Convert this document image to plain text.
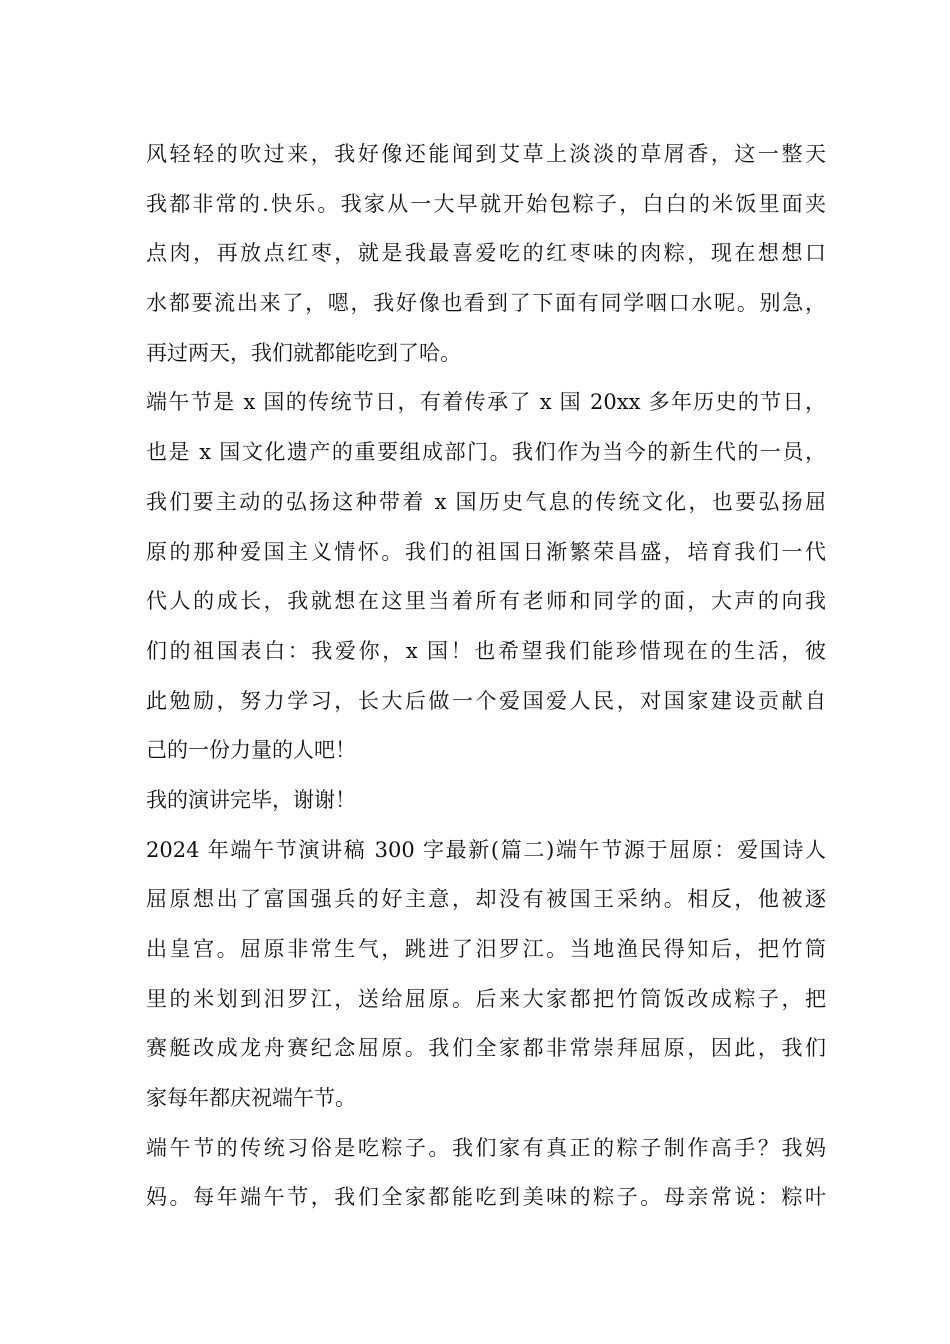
风轻轻的吹过来，我好像还能闻到艾草上淡淡的草屑香，这一整天
我都非常的.快乐。我家从一大早就开始包粽子，白白的米饭里面夹
点肉，再放点红枣，就是我最喜爱吃的红枣味的肉粽，现在想想口
水都要流出来了，嗯，我好像也看到了下面有同学咽口水呢。别急，
再过两天，我们就都能吃到了哈。
端午节是 x 国的传统节日，有着传承了 x 国 20xx 多年历史的节日，
也是 x 国文化遗产的重要组成部门。我们作为当今的新生代的一员，
我们要主动的弘扬这种带着 x 国历史气息的传统文化，也要弘扬屈
原的那种爱国主义情怀。我们的祖国日渐繁荣昌盛，培育我们一代
代人的成长，我就想在这里当着所有老师和同学的面，大声的向我
们的祖国表白：我爱你，x 国！也希望我们能珍惜现在的生活，彼
此勉励，努力学习，长大后做一个爱国爱人民，对国家建设贡献自
己的一份力量的人吧！
我的演讲完毕，谢谢！
2024 年端午节演讲稿 300 字最新(篇二)端午节源于屈原：爱国诗人
屈原想出了富国强兵的好主意，却没有被国王采纳。相反，他被逐
出皇宫。屈原非常生气，跳进了汨罗江。当地渔民得知后，把竹筒
里的米划到汨罗江，送给屈原。后来大家都把竹筒饭改成粽子，把
赛艇改成龙舟赛纪念屈原。我们全家都非常崇拜屈原，因此，我们
家每年都庆祝端午节。
端午节的传统习俗是吃粽子。我们家有真正的粽子制作高手？我妈
妈。每年端午节，我们全家都能吃到美味的粽子。母亲常说：粽叶
